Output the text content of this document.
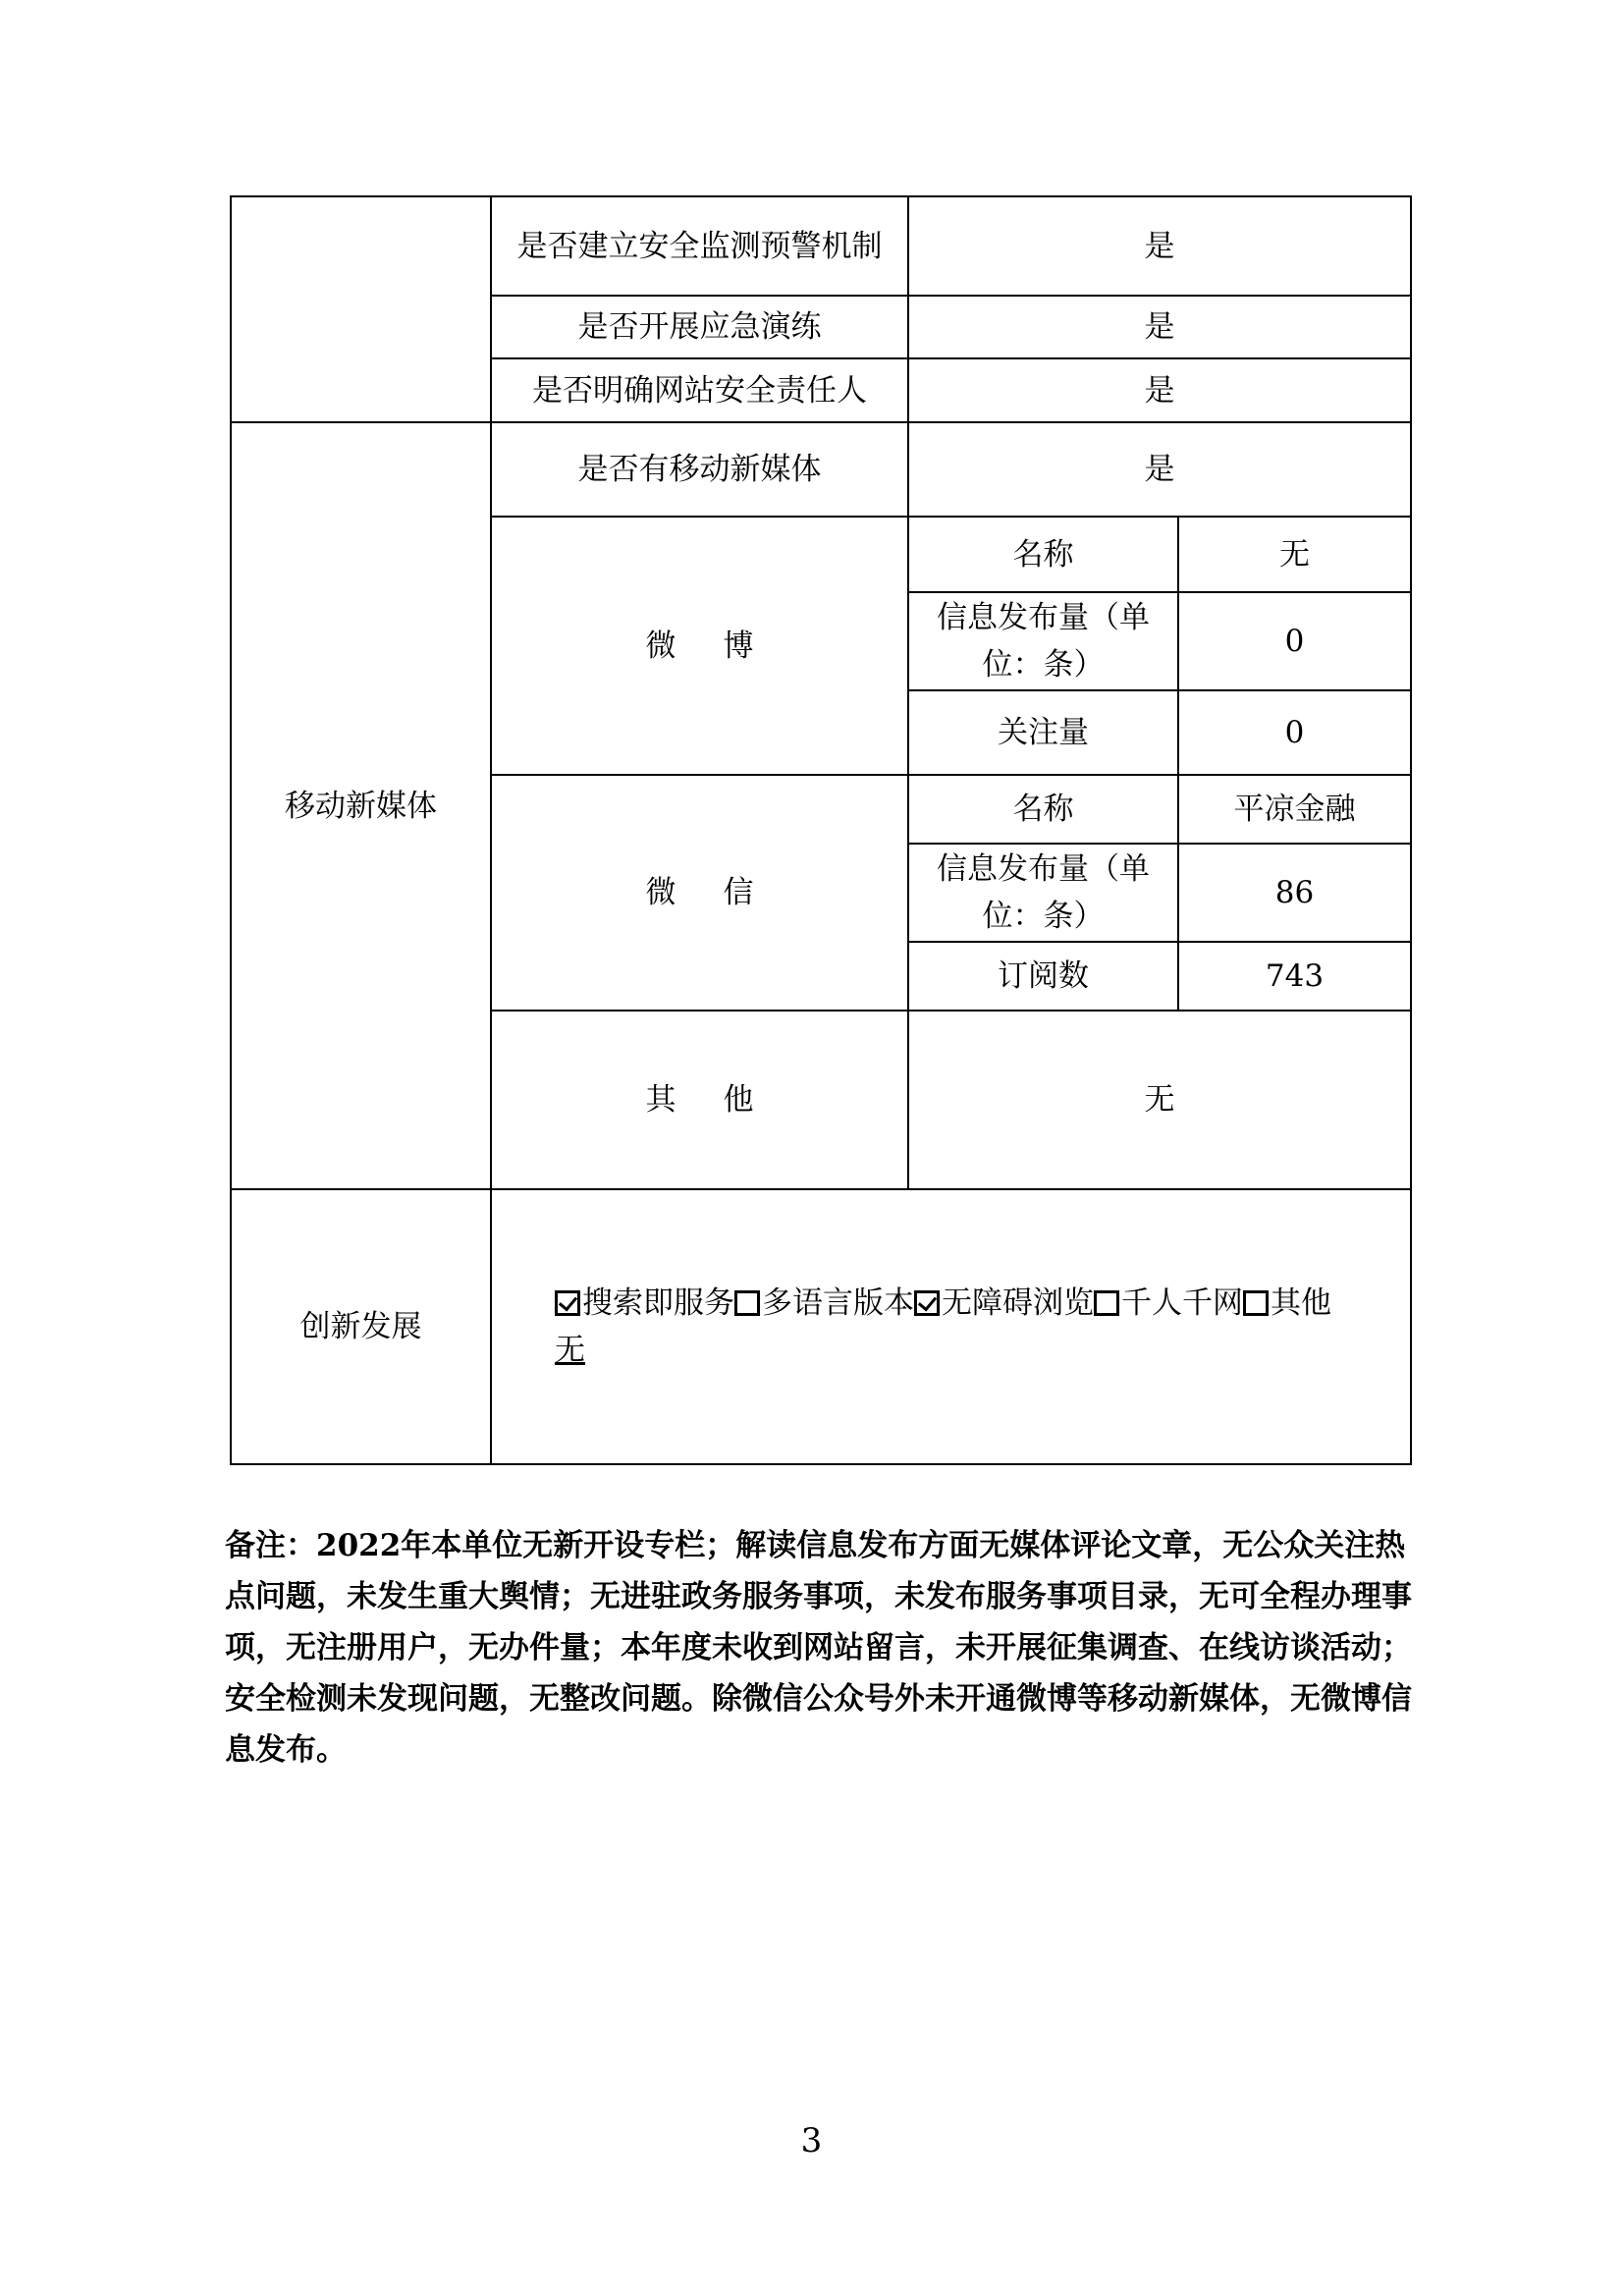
	是否建立安全监测预警机制	是	
	是否开展应急演练	是	
	是否明确网站安全责任人	是	
移动新媒体	是否有移动新媒体	是	
	微博	名称	无
		信息发布量（单位：条）	0
		关注量	0
	微信	名称	平凉金融
		信息发布量（单位：条）	86
		订阅数	743
	其他	无	
创新发展	搜索即服务 多语言版本 无障碍浏览 千人千网 其他
无		

备注：2022年本单位无新开设专栏；解读信息发布方面无媒体评论文章，无公众关注热点问题，未发生重大舆情；无进驻政务服务事项，未发布服务事项目录，无可全程办理事项，无注册用户，无办件量；本年度未收到网站留言，未开展征集调查、在线访谈活动；安全检测未发现问题，无整改问题。除微信公众号外未开通微博等移动新媒体，无微博信息发布。

3
